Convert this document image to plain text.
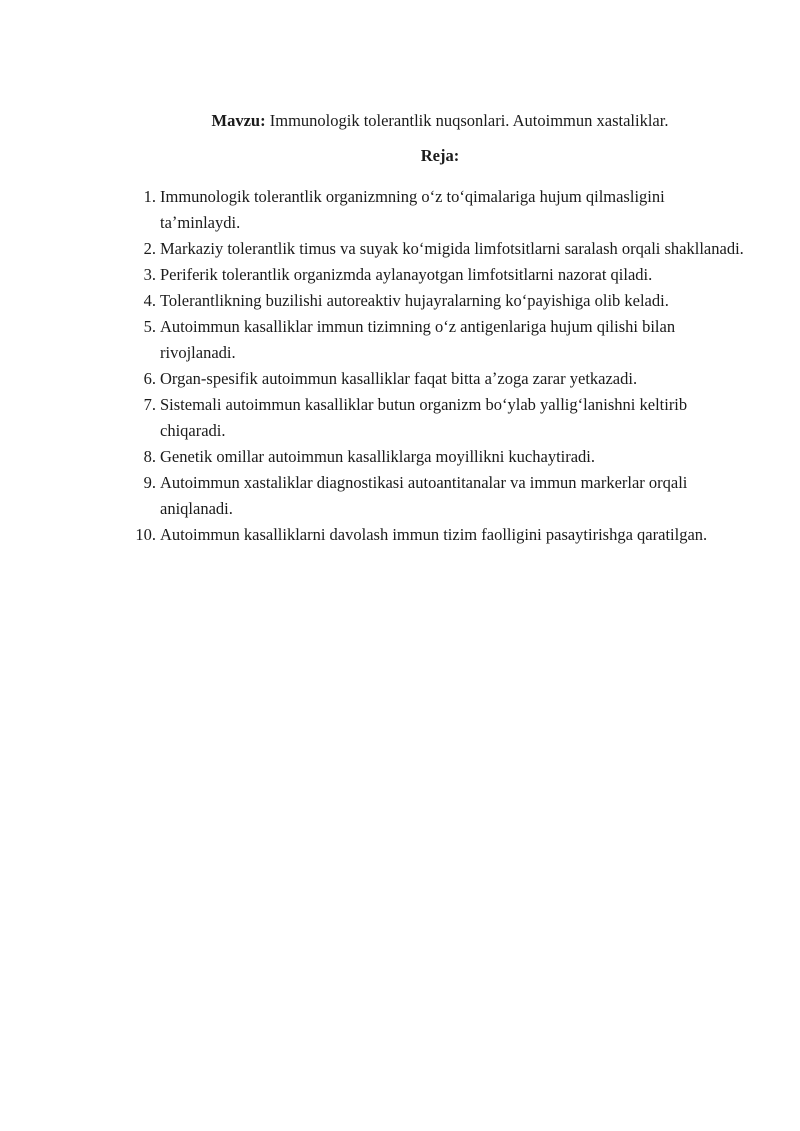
Mavzu: Immunologik tolerantlik nuqsonlari. Autoimmun xastaliklar.

Reja:

1. Immunologik tolerantlik organizmning oʻz toʻqimalariga hujum qilmasligini taʼminlaydi.
2. Markaziy tolerantlik timus va suyak koʻmigida limfotsitlarni saralash orqali shakllanadi.
3. Periferik tolerantlik organizmda aylanayotgan limfotsitlarni nazorat qiladi.
4. Tolerantlikning buzilishi autoreaktiv hujayralarning koʻpayishiga olib keladi.
5. Autoimmun kasalliklar immun tizimning oʻz antigenlariga hujum qilishi bilan rivojlanadi.
6. Organ-spesifik autoimmun kasalliklar faqat bitta aʼzoga zarar yetkazadi.
7. Sistemali autoimmun kasalliklar butun organizm boʻylab yalligʻlanishni keltirib chiqaradi.
8. Genetik omillar autoimmun kasalliklarga moyillikni kuchaytiradi.
9. Autoimmun xastaliklar diagnostikasi autoantitanalar va immun markerlar orqali aniqlanadi.
10. Autoimmun kasalliklarni davolash immun tizim faolligini pasaytirishga qaratilgan.
